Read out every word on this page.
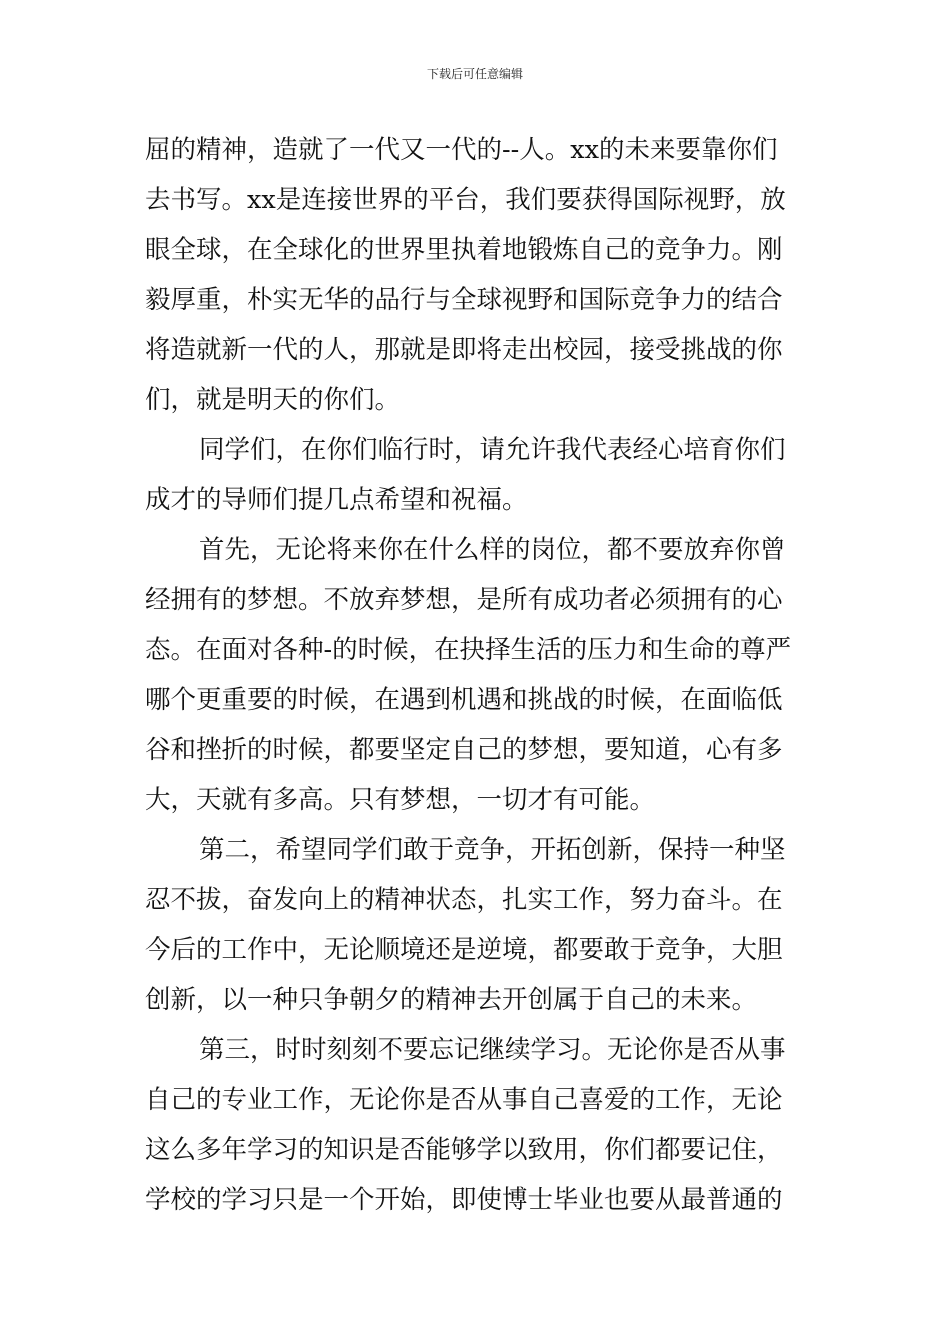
下载后可任意编辑
屈的精神，造就了一代又一代的--人。xx的未来要靠你们
去书写。xx是连接世界的平台，我们要获得国际视野，放
眼全球，在全球化的世界里执着地锻炼自己的竞争力。刚
毅厚重，朴实无华的品行与全球视野和国际竞争力的结合
将造就新一代的人，那就是即将走出校园，接受挑战的你
们，就是明天的你们。
同学们，在你们临行时，请允许我代表经心培育你们
成才的导师们提几点希望和祝福。
首先，无论将来你在什么样的岗位，都不要放弃你曾
经拥有的梦想。不放弃梦想，是所有成功者必须拥有的心
态。在面对各种-的时候，在抉择生活的压力和生命的尊严
哪个更重要的时候，在遇到机遇和挑战的时候，在面临低
谷和挫折的时候，都要坚定自己的梦想，要知道，心有多
大，天就有多高。只有梦想，一切才有可能。
第二，希望同学们敢于竞争，开拓创新，保持一种坚
忍不拔，奋发向上的精神状态，扎实工作，努力奋斗。在
今后的工作中，无论顺境还是逆境，都要敢于竞争，大胆
创新，以一种只争朝夕的精神去开创属于自己的未来。
第三，时时刻刻不要忘记继续学习。无论你是否从事
自己的专业工作，无论你是否从事自己喜爱的工作，无论
这么多年学习的知识是否能够学以致用，你们都要记住，
学校的学习只是一个开始，即使博士毕业也要从最普通的
